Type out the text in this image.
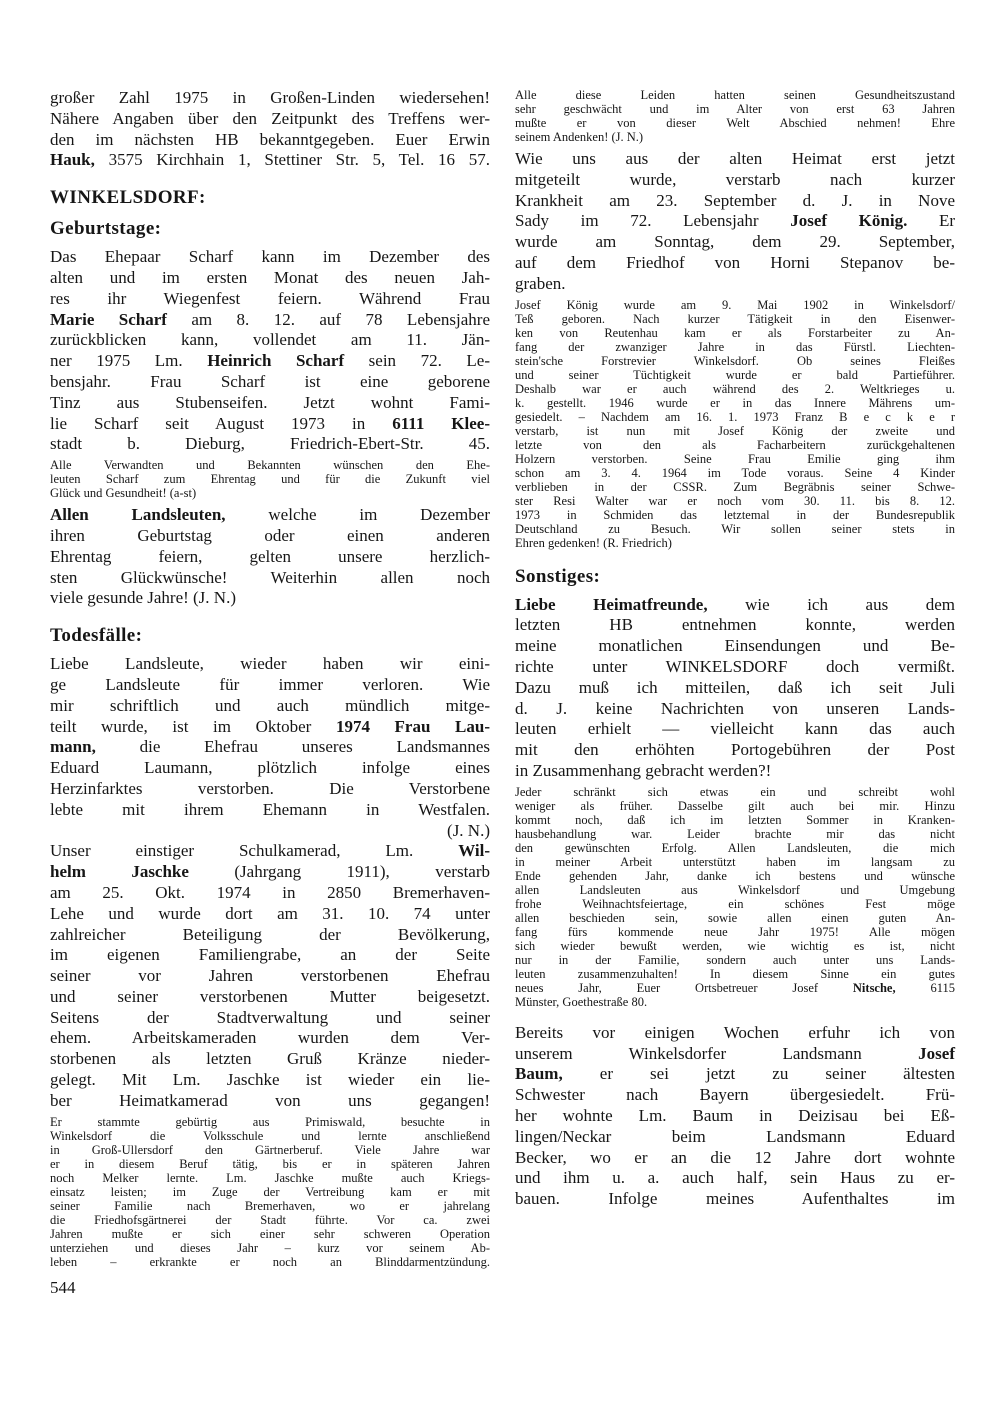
großer Zahl 1975 in Großen-Linden wiedersehen!
Nähere Angaben über den Zeitpunkt des Treffens wer-
den im nächsten HB bekanntgegeben. Euer Erwin
Hauk, 3575 Kirchhain 1, Stettiner Str. 5, Tel. 16 57.
WINKELSDORF:
Geburtstage:
Das Ehepaar Scharf kann im Dezember des
alten und im ersten Monat des neuen Jah-
res ihr Wiegenfest feiern. Während Frau
Marie Scharf am 8. 12. auf 78 Lebensjahre
zurückblicken kann, vollendet am 11. Jän-
ner 1975 Lm. Heinrich Scharf sein 72. Le-
bensjahr. Frau Scharf ist eine geborene
Tinz aus Stubenseifen. Jetzt wohnt Fami-
lie Scharf seit August 1973 in 6111 Klee-
stadt b. Dieburg, Friedrich-Ebert-Str. 45.
Alle Verwandten und Bekannten wünschen den Ehe-
leuten Scharf zum Ehrentag und für die Zukunft viel
Glück und Gesundheit! (a-st)
Allen Landsleuten, welche im Dezember
ihren Geburtstag oder einen anderen
Ehrentag feiern, gelten unsere herzlich-
sten Glückwünsche! Weiterhin allen noch
viele gesunde Jahre! (J. N.)
Todesfälle:
Liebe Landsleute, wieder haben wir eini-
ge Landsleute für immer verloren. Wie
mir schriftlich und auch mündlich mitge-
teilt wurde, ist im Oktober 1974 Frau Lau-
mann, die Ehefrau unseres Landsmannes
Eduard Laumann, plötzlich infolge eines
Herzinfarktes verstorben. Die Verstorbene
lebte mit ihrem Ehemann in Westfalen.
(J. N.)
Unser einstiger Schulkamerad, Lm. Wil-
helm Jaschke (Jahrgang 1911), verstarb
am 25. Okt. 1974 in 2850 Bremerhaven-
Lehe und wurde dort am 31. 10. 74 unter
zahlreicher Beteiligung der Bevölkerung,
im eigenen Familiengrabe, an der Seite
seiner vor Jahren verstorbenen Ehefrau
und seiner verstorbenen Mutter beigesetzt.
Seitens der Stadtverwaltung und seiner
ehem. Arbeitskameraden wurden dem Ver-
storbenen als letzten Gruß Kränze nieder-
gelegt. Mit Lm. Jaschke ist wieder ein lie-
ber Heimatkamerad von uns gegangen!
Er stammte gebürtig aus Primiswald, besuchte in
Winkelsdorf die Volksschule und lernte anschließend
in Groß-Ullersdorf den Gärtnerberuf. Viele Jahre war
er in diesem Beruf tätig, bis er in späteren Jahren
noch Melker lernte. Lm. Jaschke mußte auch Kriegs-
einsatz leisten; im Zuge der Vertreibung kam er mit
seiner Familie nach Bremerhaven, wo er jahrelang
die Friedhofsgärtnerei der Stadt führte. Vor ca. zwei
Jahren mußte er sich einer sehr schweren Operation
unterziehen und dieses Jahr – kurz vor seinem Ab-
leben – erkrankte er noch an Blinddarmentzündung.
Alle diese Leiden hatten seinen Gesundheitszustand
sehr geschwächt und im Alter von erst 63 Jahren
mußte er von dieser Welt Abschied nehmen! Ehre
seinem Andenken! (J. N.)
Wie uns aus der alten Heimat erst jetzt
mitgeteilt wurde, verstarb nach kurzer
Krankheit am 23. September d. J. in Nove
Sady im 72. Lebensjahr Josef König. Er
wurde am Sonntag, dem 29. September,
auf dem Friedhof von Horni Stepanov be-
graben.
Josef König wurde am 9. Mai 1902 in Winkelsdorf/
Teß geboren. Nach kurzer Tätigkeit in den Eisenwer-
ken von Reutenhau kam er als Forstarbeiter zu An-
fang der zwanziger Jahre in das Fürstl. Liechten-
stein'sche Forstrevier Winkelsdorf. Ob seines Fleißes
und seiner Tüchtigkeit wurde er bald Partieführer.
Deshalb war er auch während des 2. Weltkrieges u.
k. gestellt. 1946 wurde er in das Innere Mährens um-
gesiedelt. – Nachdem am 16. 1. 1973 Franz B e c k e r
verstarb, ist nun mit Josef König der zweite und
letzte von den als Facharbeitern zurückgehaltenen
Holzern verstorben. Seine Frau Emilie ging ihm
schon am 3. 4. 1964 im Tode voraus. Seine 4 Kinder
verblieben in der CSSR. Zum Begräbnis seiner Schwe-
ster Resi Walter war er noch vom 30. 11. bis 8. 12.
1973 in Schmiden das letztemal in der Bundesrepublik
Deutschland zu Besuch. Wir sollen seiner stets in
Ehren gedenken! (R. Friedrich)
Sonstiges:
Liebe Heimatfreunde, wie ich aus dem
letzten HB entnehmen konnte, werden
meine monatlichen Einsendungen und Be-
richte unter WINKELSDORF doch vermißt.
Dazu muß ich mitteilen, daß ich seit Juli
d. J. keine Nachrichten von unseren Lands-
leuten erhielt — vielleicht kann das auch
mit den erhöhten Portogebühren der Post
in Zusammenhang gebracht werden?!
Jeder schränkt sich etwas ein und schreibt wohl
weniger als früher. Dasselbe gilt auch bei mir. Hinzu
kommt noch, daß ich im letzten Sommer in Kranken-
hausbehandlung war. Leider brachte mir das nicht
den gewünschten Erfolg. Allen Landsleuten, die mich
in meiner Arbeit unterstützt haben im langsam zu
Ende gehenden Jahr, danke ich bestens und wünsche
allen Landsleuten aus Winkelsdorf und Umgebung
frohe Weihnachtsfeiertage, ein schönes Fest möge
allen beschieden sein, sowie allen einen guten An-
fang fürs kommende neue Jahr 1975! Alle mögen
sich wieder bewußt werden, wie wichtig es ist, nicht
nur in der Familie, sondern auch unter uns Lands-
leuten zusammenzuhalten! In diesem Sinne ein gutes
neues Jahr, Euer Ortsbetreuer Josef Nitsche, 6115
Münster, Goethestraße 80.
Bereits vor einigen Wochen erfuhr ich von
unserem Winkelsdorfer Landsmann Josef
Baum, er sei jetzt zu seiner ältesten
Schwester nach Bayern übergesiedelt. Frü-
her wohnte Lm. Baum in Deizisau bei Eß-
lingen/Neckar beim Landsmann Eduard
Becker, wo er an die 12 Jahre dort wohnte
und ihm u. a. auch half, sein Haus zu er-
bauen. Infolge meines Aufenthaltes im
544
